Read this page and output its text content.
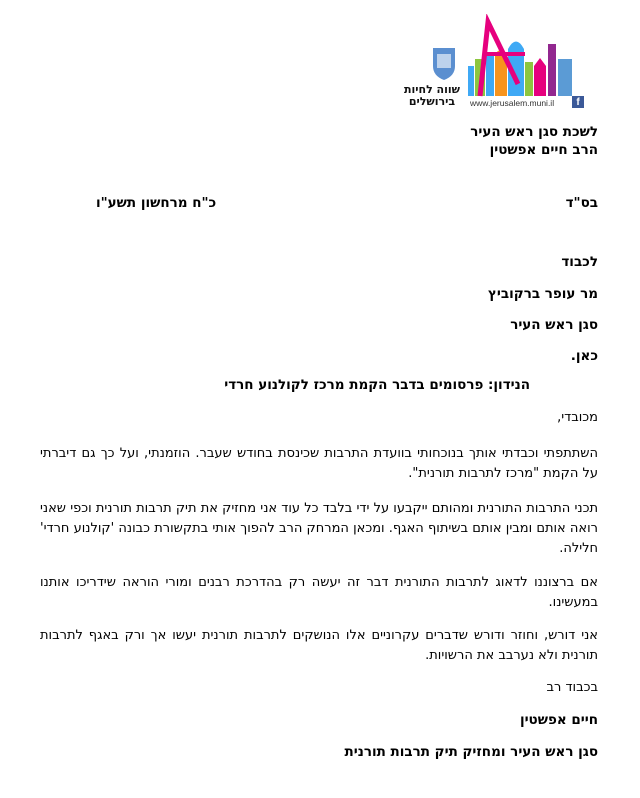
שווה לחיות
בירושלים	www.jerusalem.muni.il	f
לשכת סגן ראש העיר
הרב חיים אפשטין
בס"ד
כ"ח מרחשון תשע"ו
לכבוד
מר עופר ברקוביץ
סגן ראש העיר
כאן.
הנידון: פרסומים בדבר הקמת מרכז לקולנוע חרדי
מכובדי,

השתתפתי וכבדתי אותך בנוכחותי בוועדת התרבות שכינסת בחודש שעבר. הוזמנתי, ועל כך גם דיברתי על הקמת "מרכז לתרבות תורנית".

תכני התרבות התורנית ומהותם ייקבעו על ידי בלבד כל עוד אני מחזיק את תיק תרבות תורנית וכפי שאני רואה אותם ומבין אותם בשיתוף האגף. ומכאן המרחק הרב להפוך אותי בתקשורת כבונה 'קולנוע חרדי' חלילה.

אם ברצוננו לדאוג לתרבות התורנית דבר זה יעשה רק בהדרכת רבנים ומורי הוראה שידריכו אותנו במעשינו.

אני דורש, וחוזר ודורש שדברים עקרוניים אלו הנושקים לתרבות תורנית יעשו אך ורק באגף לתרבות תורנית ולא נערבב את הרשויות.

בכבוד רב
חיים אפשטין
סגן ראש העיר ומחזיק תיק תרבות תורנית
